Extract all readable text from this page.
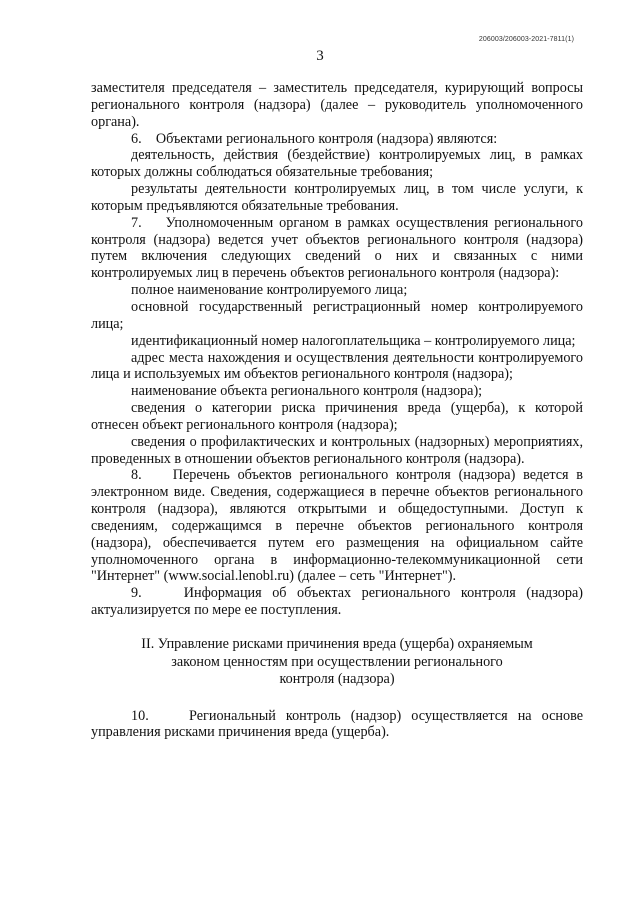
206003/206003-2021-7811(1)
3

заместителя председателя – заместитель председателя, курирующий вопросы регионального контроля (надзора) (далее – руководитель уполномоченного органа).

6.    Объектами регионального контроля (надзора) являются:

деятельность, действия (бездействие) контролируемых лиц, в рамках которых должны соблюдаться обязательные требования;

результаты деятельности контролируемых лиц, в том числе услуги, к которым предъявляются обязательные требования.

7.    Уполномоченным органом в рамках осуществления регионального контроля (надзора) ведется учет объектов регионального контроля (надзора) путем включения следующих сведений о них и связанных с ними контролируемых лиц в перечень объектов регионального контроля (надзора):

полное наименование контролируемого лица;

основной государственный регистрационный номер контролируемого лица;

идентификационный номер налогоплательщика – контролируемого лица;

адрес места нахождения и осуществления деятельности контролируемого лица и используемых им объектов регионального контроля (надзора);

наименование объекта регионального контроля (надзора);

сведения о категории риска причинения вреда (ущерба), к которой отнесен объект регионального контроля (надзора);

сведения о профилактических и контрольных (надзорных) мероприятиях, проведенных в отношении объектов регионального контроля (надзора).

8.    Перечень объектов регионального контроля (надзора) ведется в электронном виде. Сведения, содержащиеся в перечне объектов регионального контроля (надзора), являются открытыми и общедоступными. Доступ к сведениям, содержащимся в перечне объектов регионального контроля (надзора), обеспечивается путем его размещения на официальном сайте уполномоченного органа в информационно-телекоммуникационной сети "Интернет" (www.social.lenobl.ru) (далее – сеть "Интернет").

9.    Информация об объектах регионального контроля (надзора) актуализируется по мере ее поступления.

II. Управление рисками причинения вреда (ущерба) охраняемым
законом ценностям при осуществлении регионального
контроля (надзора)

10.    Региональный контроль (надзор) осуществляется на основе управления рисками причинения вреда (ущерба).
